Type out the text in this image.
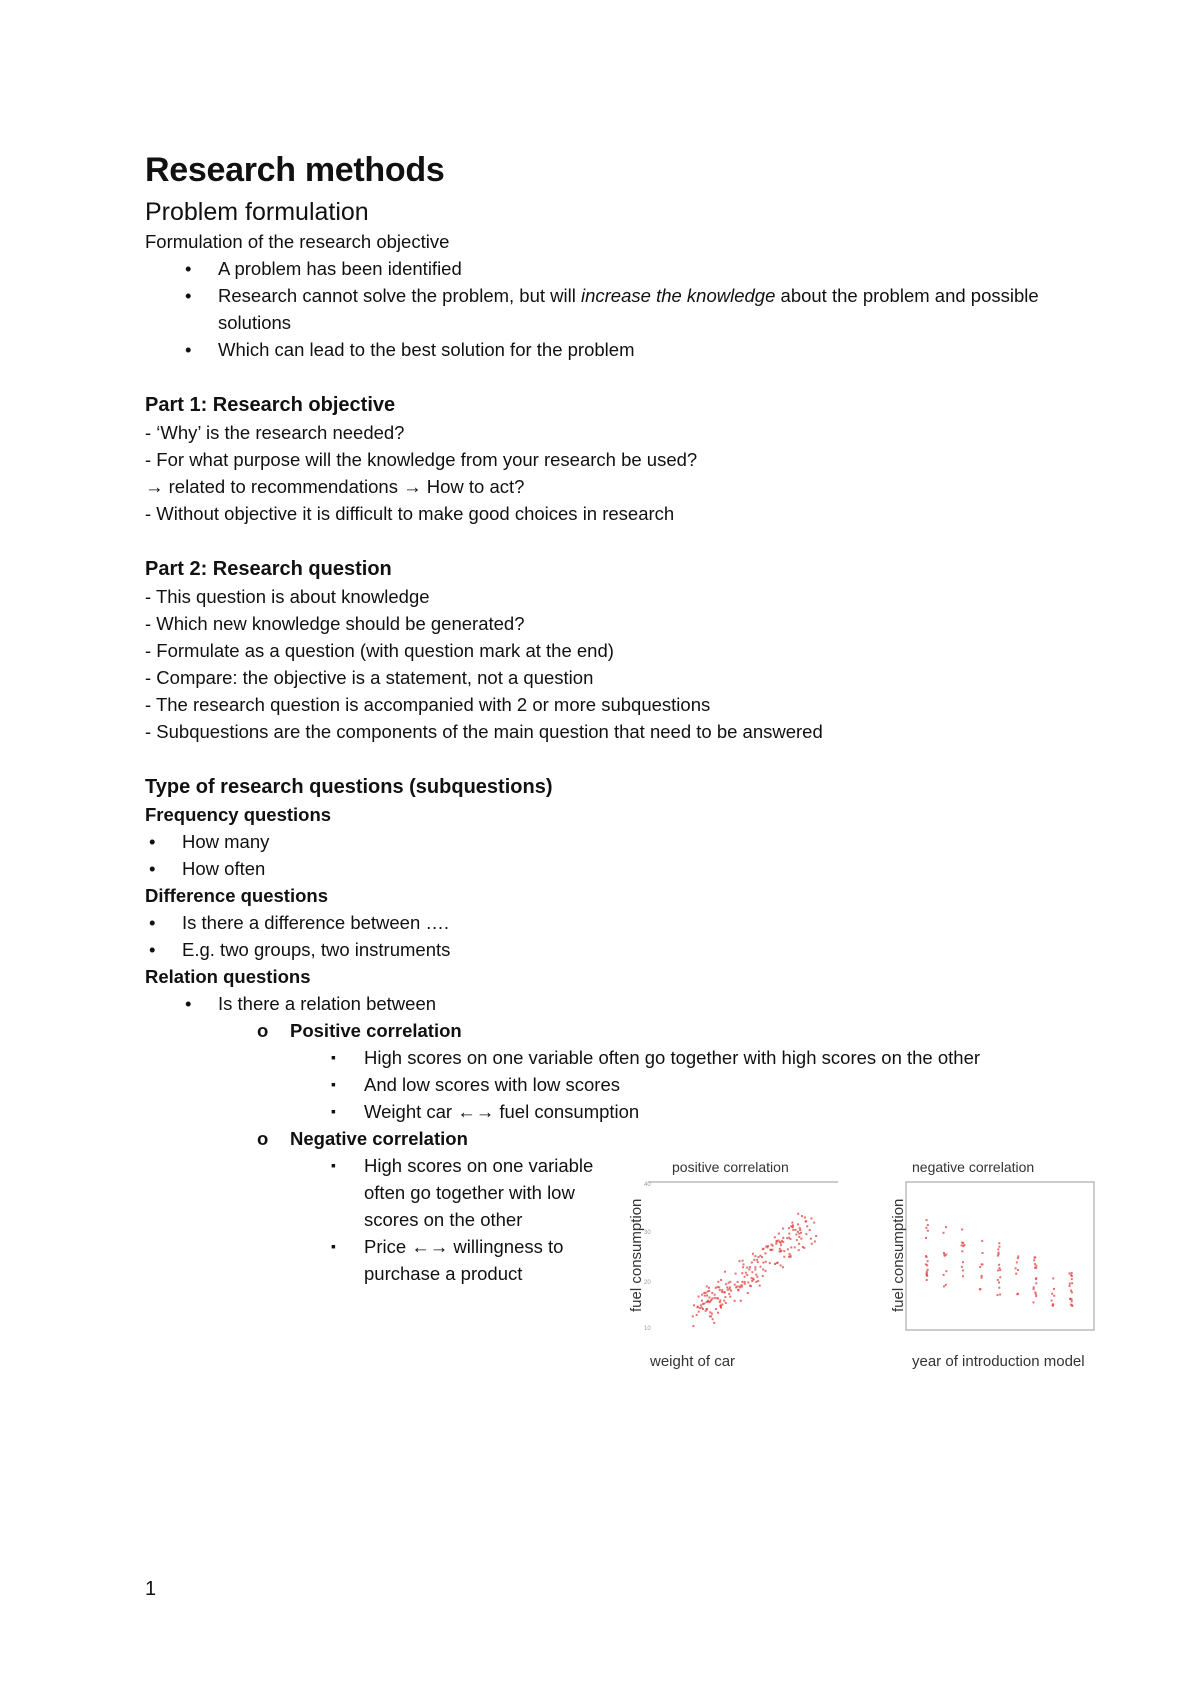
Research methods
Problem formulation

Formulation of the research objective

• A problem has been identified
• Research cannot solve the problem, but will increase the knowledge about the problem and possible solutions
• Which can lead to the best solution for the problem
Part 1: Research objective

- ‘Why’ is the research needed?

- For what purpose will the knowledge from your research be used?

→ related to recommendations → How to act?

- Without objective it is difficult to make good choices in research

Part 2: Research question

- This question is about knowledge

- Which new knowledge should be generated?

- Formulate as a question (with question mark at the end)

- Compare: the objective is a statement, not a question

- The research question is accompanied with 2 or more subquestions

- Subquestions are the components of the main question that need to be answered

Type of research questions (subquestions)

Frequency questions

• How many
• How often

Difference questions

• Is there a difference between ….
• E.g. two groups, two instruments

Relation questions

• Is there a relation between
o Positive correlation
▪ High scores on one variable often go together with high scores on the other
▪ And low scores with low scores
▪ Weight car ←→ fuel consumption
o Negative correlation
▪ High scores on one variable often go together with low scores on the other
▪ Price ←→ willingness to purchase a product
positive correlation
40
30
20
10
fuel consumption
weight of car
negative correlation
fuel consumption
year of introduction model
1
